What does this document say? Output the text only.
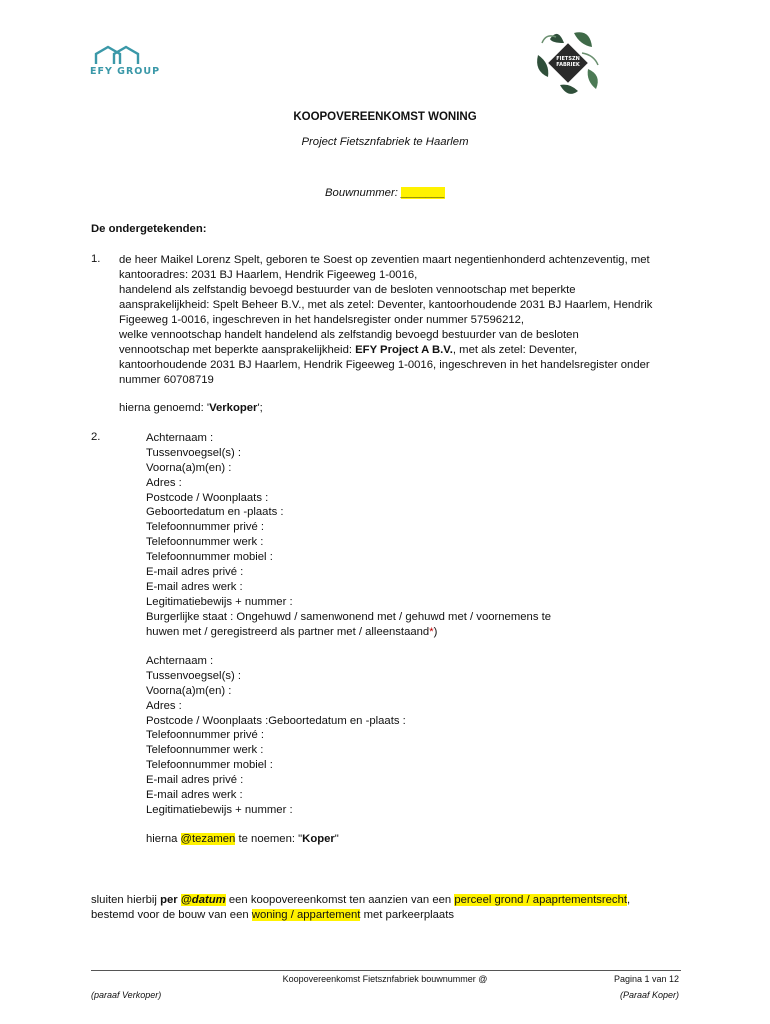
EFY GROUP
FIETSZN
FABRIEK
KOOPOVEREENKOMST WONING
Project Fietsznfabriek te Haarlem
Bouwnummer: _______
De ondergetekenden:
1. de heer Maikel Lorenz Spelt, geboren te Soest op zeventien maart negentienhonderd achtenzeventig, met
kantooradres: 2031 BJ Haarlem, Hendrik Figeeweg 1-0016,
handelend als zelfstandig bevoegd bestuurder van de besloten vennootschap met beperkte
aansprakelijkheid: Spelt Beheer B.V., met als zetel: Deventer, kantoorhoudende 2031 BJ Haarlem, Hendrik
Figeeweg 1-0016, ingeschreven in het handelsregister onder nummer 57596212,
welke vennootschap handelt handelend als zelfstandig bevoegd bestuurder van de besloten
vennootschap met beperkte aansprakelijkheid: EFY Project A B.V., met als zetel: Deventer,
kantoorhoudende 2031 BJ Haarlem, Hendrik Figeeweg 1-0016, ingeschreven in het handelsregister onder
nummer 60708719
hierna genoemd: 'Verkoper';
2.	Achternaam :
Tussenvoegsel(s) :
Voorna(a)m(en) :
Adres :
Postcode / Woonplaats :
Geboortedatum en -plaats :
Telefoonnummer privé :
Telefoonnummer werk :
Telefoonnummer mobiel :
E-mail adres privé :
E-mail adres werk :
Legitimatiebewijs + nummer :
Burgerlijke staat : Ongehuwd / samenwonend met / gehuwd met / voornemens te
huwen met / geregistreerd als partner met / alleenstaand*)
Achternaam :
Tussenvoegsel(s) :
Voorna(a)m(en) :
Adres :
Postcode / Woonplaats :Geboortedatum en -plaats :
Telefoonnummer privé :
Telefoonnummer werk :
Telefoonnummer mobiel :
E-mail adres privé :
E-mail adres werk :
Legitimatiebewijs + nummer :
hierna @tezamen te noemen: "Koper"
sluiten hierbij per @datum een koopovereenkomst ten aanzien van een perceel grond / apaprtementsrecht,
bestemd voor de bouw van een woning / appartement met parkeerplaats
Koopovereenkomst Fietsznfabriek bouwnummer @	Pagina 1 van 12
(paraaf Verkoper)	(Paraaf Koper)
